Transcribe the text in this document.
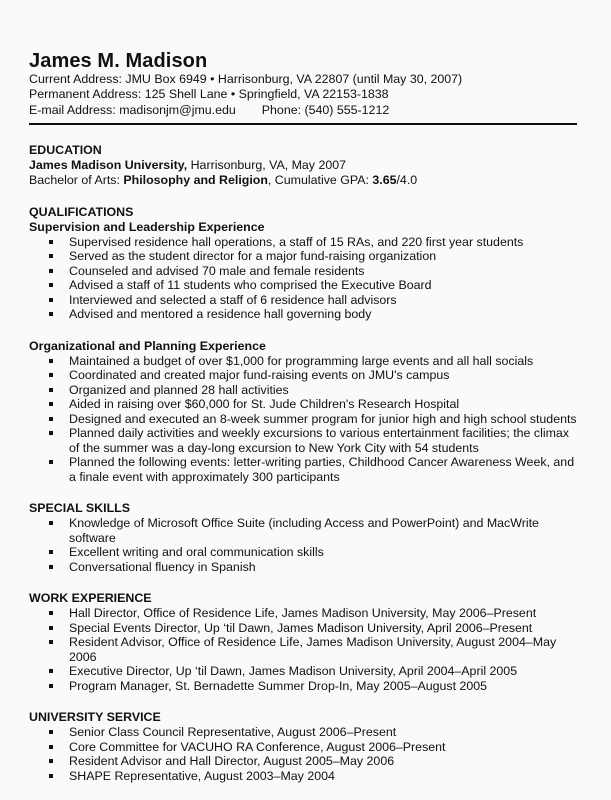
James M. Madison
Current Address: JMU Box 6949 • Harrisonburg, VA 22807 (until May 30, 2007)
Permanent Address: 125 Shell Lane • Springfield, VA 22153-1838
E-mail Address: madisonjm@jmu.edu Phone: (540) 555-1212
EDUCATION
James Madison University, Harrisonburg, VA, May 2007
Bachelor of Arts: Philosophy and Religion, Cumulative GPA: 3.65/4.0
QUALIFICATIONS
Supervision and Leadership Experience
Supervised residence hall operations, a staff of 15 RAs, and 220 first year students
Served as the student director for a major fund-raising organization
Counseled and advised 70 male and female residents
Advised a staff of 11 students who comprised the Executive Board
Interviewed and selected a staff of 6 residence hall advisors
Advised and mentored a residence hall governing body
Organizational and Planning Experience
Maintained a budget of over $1,000 for programming large events and all hall socials
Coordinated and created major fund-raising events on JMU's campus
Organized and planned 28 hall activities
Aided in raising over $60,000 for St. Jude Children's Research Hospital
Designed and executed an 8-week summer program for junior high and high school students
Planned daily activities and weekly excursions to various entertainment facilities; the climax of the summer was a day-long excursion to New York City with 54 students
Planned the following events: letter-writing parties, Childhood Cancer Awareness Week, and a finale event with approximately 300 participants
SPECIAL SKILLS
Knowledge of Microsoft Office Suite (including Access and PowerPoint) and MacWrite software
Excellent writing and oral communication skills
Conversational fluency in Spanish
WORK EXPERIENCE
Hall Director, Office of Residence Life, James Madison University, May 2006–Present
Special Events Director, Up ‘til Dawn, James Madison University, April 2006–Present
Resident Advisor, Office of Residence Life, James Madison University, August 2004–May 2006
Executive Director, Up ‘til Dawn, James Madison University, April 2004–April 2005
Program Manager, St. Bernadette Summer Drop-In, May 2005–August 2005
UNIVERSITY SERVICE
Senior Class Council Representative, August 2006–Present
Core Committee for VACUHO RA Conference, August 2006–Present
Resident Advisor and Hall Director, August 2005–May 2006
SHAPE Representative, August 2003–May 2004
